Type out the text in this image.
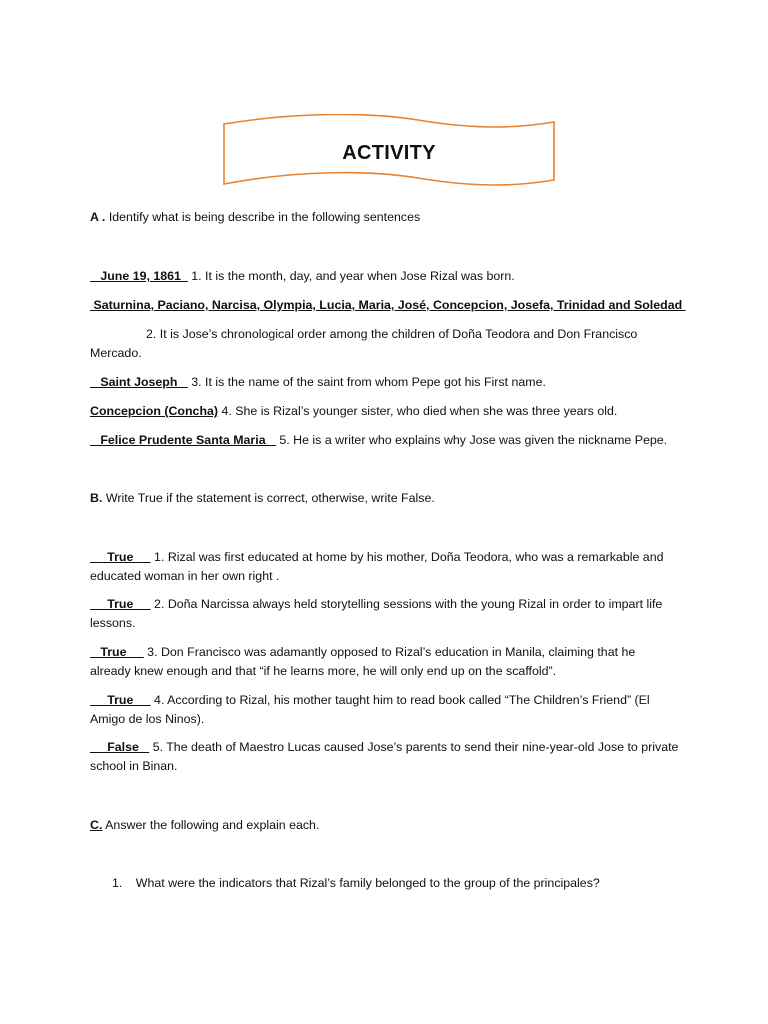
ACTIVITY
A . Identify what is being describe in the following sentences
June 19, 1861   1. It is the month, day, and year when Jose Rizal was born.
Saturnina, Paciano, Narcisa, Olympia, Lucia, Maria, José, Concepcion, Josefa, Trinidad and Soledad
2. It is Jose’s chronological order among the children of Doña Teodora and Don Francisco
Mercado.
Saint Joseph    3. It is the name of the saint from whom Pepe got his First name.
Concepcion (Concha) 4. She is Rizal’s younger sister, who died when she was three years old.
Felice Prudente Santa Maria    5. He is a writer who explains why Jose was given the nickname Pepe.
B. Write True if the statement is correct, otherwise, write False.
True      1. Rizal was first educated at home by his mother, Doña Teodora, who was a remarkable and
educated woman in her own right .
True      2. Doña Narcissa always held storytelling sessions with the young Rizal in order to impart life
lessons.
True      3. Don Francisco was adamantly opposed to Rizal’s education in Manila, claiming that he
already knew enough and that “if he learns more, he will only end up on the scaffold”.
True      4. According to Rizal, his mother taught him to read book called “The Children’s Friend” (El
Amigo de los Ninos).
False    5. The death of Maestro Lucas caused Jose’s parents to send their nine-year-old Jose to private
school in Binan.
C. Answer the following and explain each.
1. What were the indicators that Rizal’s family belonged to the group of the principales?
